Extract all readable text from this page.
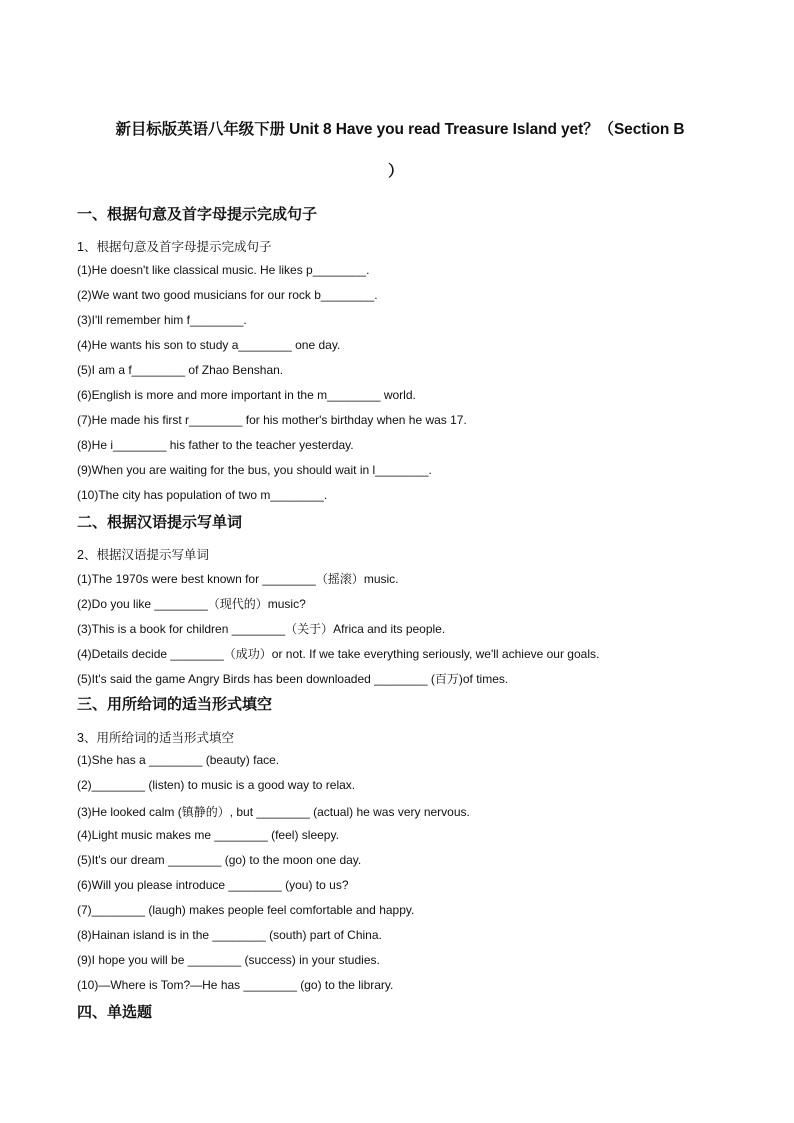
新目标版英语八年级下册 Unit 8 Have you read Treasure Island yet？（Section B
）
一、根据句意及首字母提示完成句子
1、根据句意及首字母提示完成句子
(1)He doesn't like classical music. He likes p________.
(2)We want two good musicians for our rock b________.
(3)I'll remember him f________.
(4)He wants his son to study a________ one day.
(5)I am a f________ of Zhao Benshan.
(6)English is more and more important in the m________ world.
(7)He made his first r________ for his mother's birthday when he was 17.
(8)He i________ his father to the teacher yesterday.
(9)When you are waiting for the bus, you should wait in l________.
(10)The city has population of two m________.
二、根据汉语提示写单词
2、根据汉语提示写单词
(1)The 1970s were best known for ________（摇滚）music.
(2)Do you like ________（现代的）music?
(3)This is a book for children ________（关于）Africa and its people.
(4)Details decide ________（成功）or not. If we take everything seriously, we'll achieve our goals.
(5)It's said the game Angry Birds has been downloaded ________ (百万)of times.
三、用所给词的适当形式填空
3、用所给词的适当形式填空
(1)She has a ________ (beauty) face.
(2)________ (listen) to music is a good way to relax.
(3)He looked calm (镇静的）, but ________ (actual) he was very nervous.
(4)Light music makes me ________ (feel) sleepy.
(5)It's our dream ________ (go) to the moon one day.
(6)Will you please introduce ________ (you) to us?
(7)________ (laugh) makes people feel comfortable and happy.
(8)Hainan island is in the ________ (south) part of China.
(9)I hope you will be ________ (success) in your studies.
(10)—Where is Tom?—He has ________ (go) to the library.
四、单选题
